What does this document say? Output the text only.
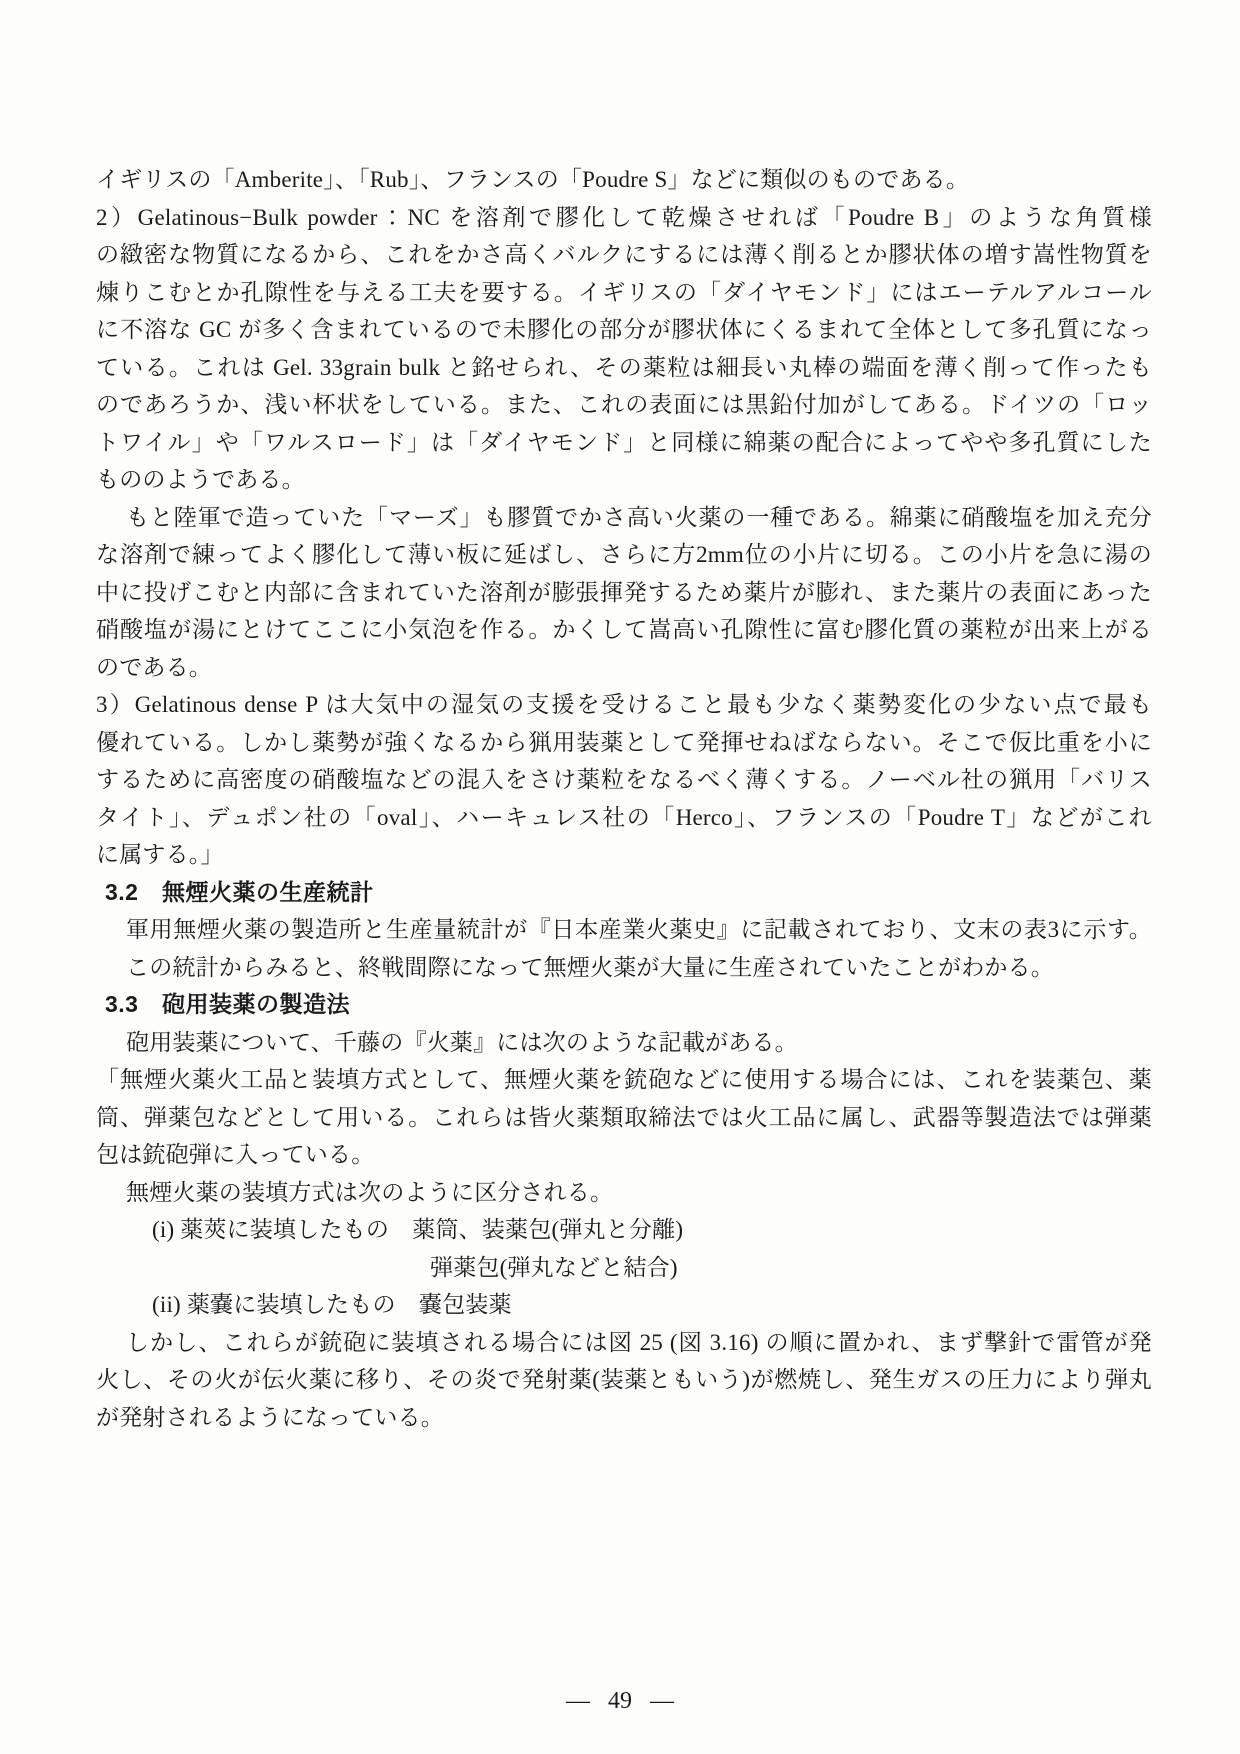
イギリスの「Amberite」、「Rub」、フランスの「Poudre S」などに類似のものである。
2）Gelatinous−Bulk powder：NC を溶剤で膠化して乾燥させれば「Poudre B」のような角質様
の緻密な物質になるから、これをかさ高くバルクにするには薄く削るとか膠状体の増す嵩性物質を
煉りこむとか孔隙性を与える工夫を要する。イギリスの「ダイヤモンド」にはエーテルアルコール
に不溶な GC が多く含まれているので未膠化の部分が膠状体にくるまれて全体として多孔質になっ
ている。これは Gel. 33grain bulk と銘せられ、その薬粒は細長い丸棒の端面を薄く削って作ったも
のであろうか、浅い杯状をしている。また、これの表面には黒鉛付加がしてある。ドイツの「ロッ
トワイル」や「ワルスロード」は「ダイヤモンド」と同様に綿薬の配合によってやや多孔質にした
もののようである。
もと陸軍で造っていた「マーズ」も膠質でかさ高い火薬の一種である。綿薬に硝酸塩を加え充分
な溶剤で練ってよく膠化して薄い板に延ばし、さらに方2mm位の小片に切る。この小片を急に湯の
中に投げこむと内部に含まれていた溶剤が膨張揮発するため薬片が膨れ、また薬片の表面にあった
硝酸塩が湯にとけてここに小気泡を作る。かくして嵩高い孔隙性に富む膠化質の薬粒が出来上がる
のである。
3）Gelatinous dense P は大気中の湿気の支援を受けること最も少なく薬勢変化の少ない点で最も
優れている。しかし薬勢が強くなるから猟用装薬として発揮せねばならない。そこで仮比重を小に
するために高密度の硝酸塩などの混入をさけ薬粒をなるべく薄くする。ノーベル社の猟用「バリス
タイト」、デュポン社の「oval」、ハーキュレス社の「Herco」、フランスの「Poudre T」などがこれ
に属する。」
3.2　無煙火薬の生産統計
軍用無煙火薬の製造所と生産量統計が『日本産業火薬史』に記載されており、文末の表3に示す。
この統計からみると、終戦間際になって無煙火薬が大量に生産されていたことがわかる。
3.3　砲用装薬の製造法
砲用装薬について、千藤の『火薬』には次のような記載がある。
「無煙火薬火工品と装填方式として、無煙火薬を銃砲などに使用する場合には、これを装薬包、薬
筒、弾薬包などとして用いる。これらは皆火薬類取締法では火工品に属し、武器等製造法では弾薬
包は銃砲弾に入っている。
無煙火薬の装填方式は次のように区分される。
(i) 薬莢に装填したもの　薬筒、装薬包(弾丸と分離)
弾薬包(弾丸などと結合)
(ii) 薬嚢に装填したもの　嚢包装薬
しかし、これらが銃砲に装填される場合には図 25 (図 3.16) の順に置かれ、まず撃針で雷管が発
火し、その火が伝火薬に移り、その炎で発射薬(装薬ともいう)が燃焼し、発生ガスの圧力により弾丸
が発射されるようになっている。
— 49 —
